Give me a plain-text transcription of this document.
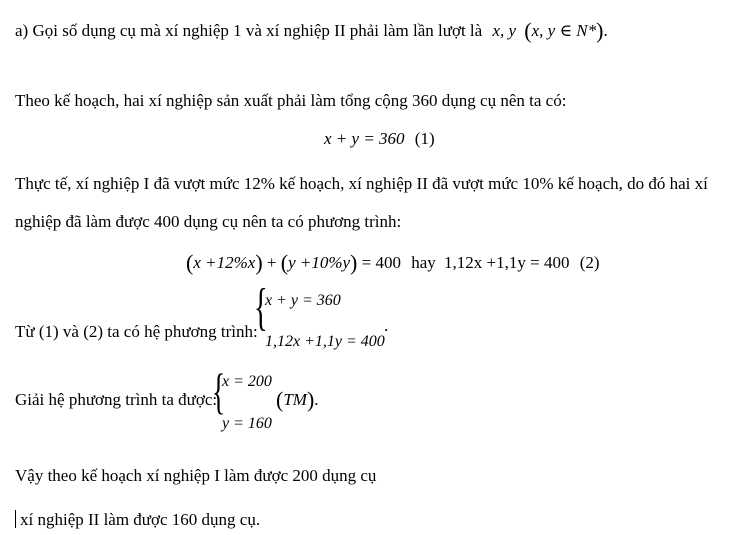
a) Gọi số dụng cụ mà xí nghiệp 1 và xí nghiệp II phải làm lần lượt là x, y (x, y ∈ N*).
Theo kế hoạch, hai xí nghiệp sản xuất phải làm tổng cộng 360 dụng cụ nên ta có:
x + y = 360 (1)
Thực tế, xí nghiệp I đã vượt mức 12% kế hoạch, xí nghiệp II đã vượt mức 10% kế hoạch, do đó hai xí
nghiệp đã làm được 400 dụng cụ nên ta có phương trình:
(x +12%x) + (y +10%y) = 400 hay 1,12x +1,1y = 400 (2)
Từ (1) và (2) ta có hệ phương trình:
{
x + y = 360
1,12x +1,1y = 400
.
Giải hệ phương trình ta được:
{
x = 200
y = 160
(TM).
Vậy theo kế hoạch xí nghiệp I làm được 200 dụng cụ
xí nghiệp II làm được 160 dụng cụ.
